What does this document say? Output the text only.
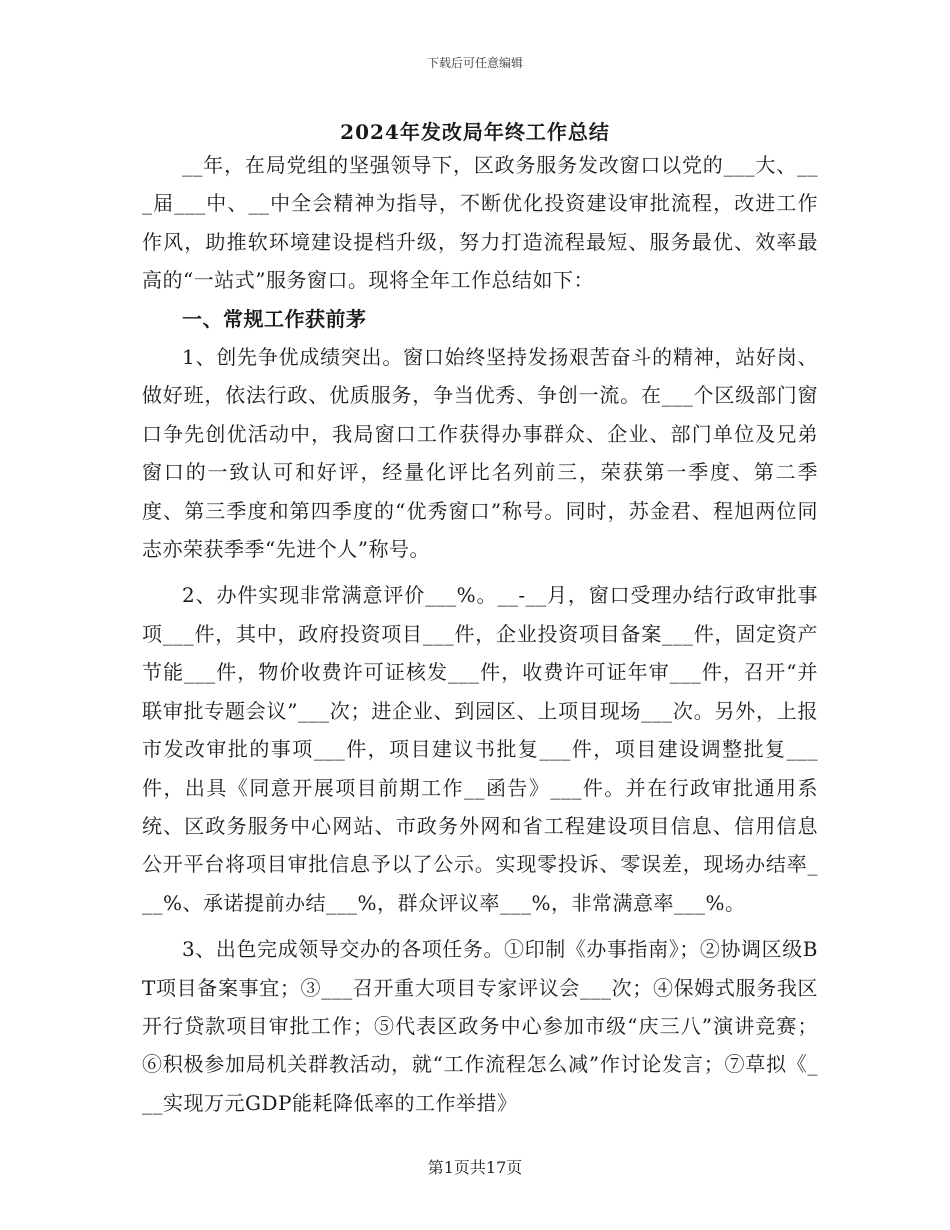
下载后可任意编辑
2024年发改局年终工作总结

__年，在局党组的坚强领导下，区政务服务发改窗口以党的___大、___届___中、__中全会精神为指导，不断优化投资建设审批流程，改进工作作风，助推软环境建设提档升级，努力打造流程最短、服务最优、效率最高的“一站式”服务窗口。现将全年工作总结如下：

一、常规工作获前茅

1、创先争优成绩突出。窗口始终坚持发扬艰苦奋斗的精神，站好岗、做好班，依法行政、优质服务，争当优秀、争创一流。在___个区级部门窗口争先创优活动中，我局窗口工作获得办事群众、企业、部门单位及兄弟窗口的一致认可和好评，经量化评比名列前三，荣获第一季度、第二季度、第三季度和第四季度的“优秀窗口”称号。同时，苏金君、程旭两位同志亦荣获季季“先进个人”称号。

2、办件实现非常满意评价___%。__-__月，窗口受理办结行政审批事项___件，其中，政府投资项目___件，企业投资项目备案___件，固定资产节能___件，物价收费许可证核发___件，收费许可证年审___件，召开“并联审批专题会议”___次；进企业、到园区、上项目现场___次。另外，上报市发改审批的事项___件，项目建议书批复___件，项目建设调整批复___件，出具《同意开展项目前期工作__函告》___件。并在行政审批通用系统、区政务服务中心网站、市政务外网和省工程建设项目信息、信用信息公开平台将项目审批信息予以了公示。实现零投诉、零误差，现场办结率___%、承诺提前办结___%，群众评议率___%，非常满意率___%。

3、出色完成领导交办的各项任务。①印制《办事指南》；②协调区级BT项目备案事宜；③___召开重大项目专家评议会___次；④保姆式服务我区开行贷款项目审批工作；⑤代表区政务中心参加市级“庆三八”演讲竞赛；⑥积极参加局机关群教活动，就“工作流程怎么减”作讨论发言；⑦草拟《___实现万元GDP能耗降低率的工作举措》

第1页共17页
